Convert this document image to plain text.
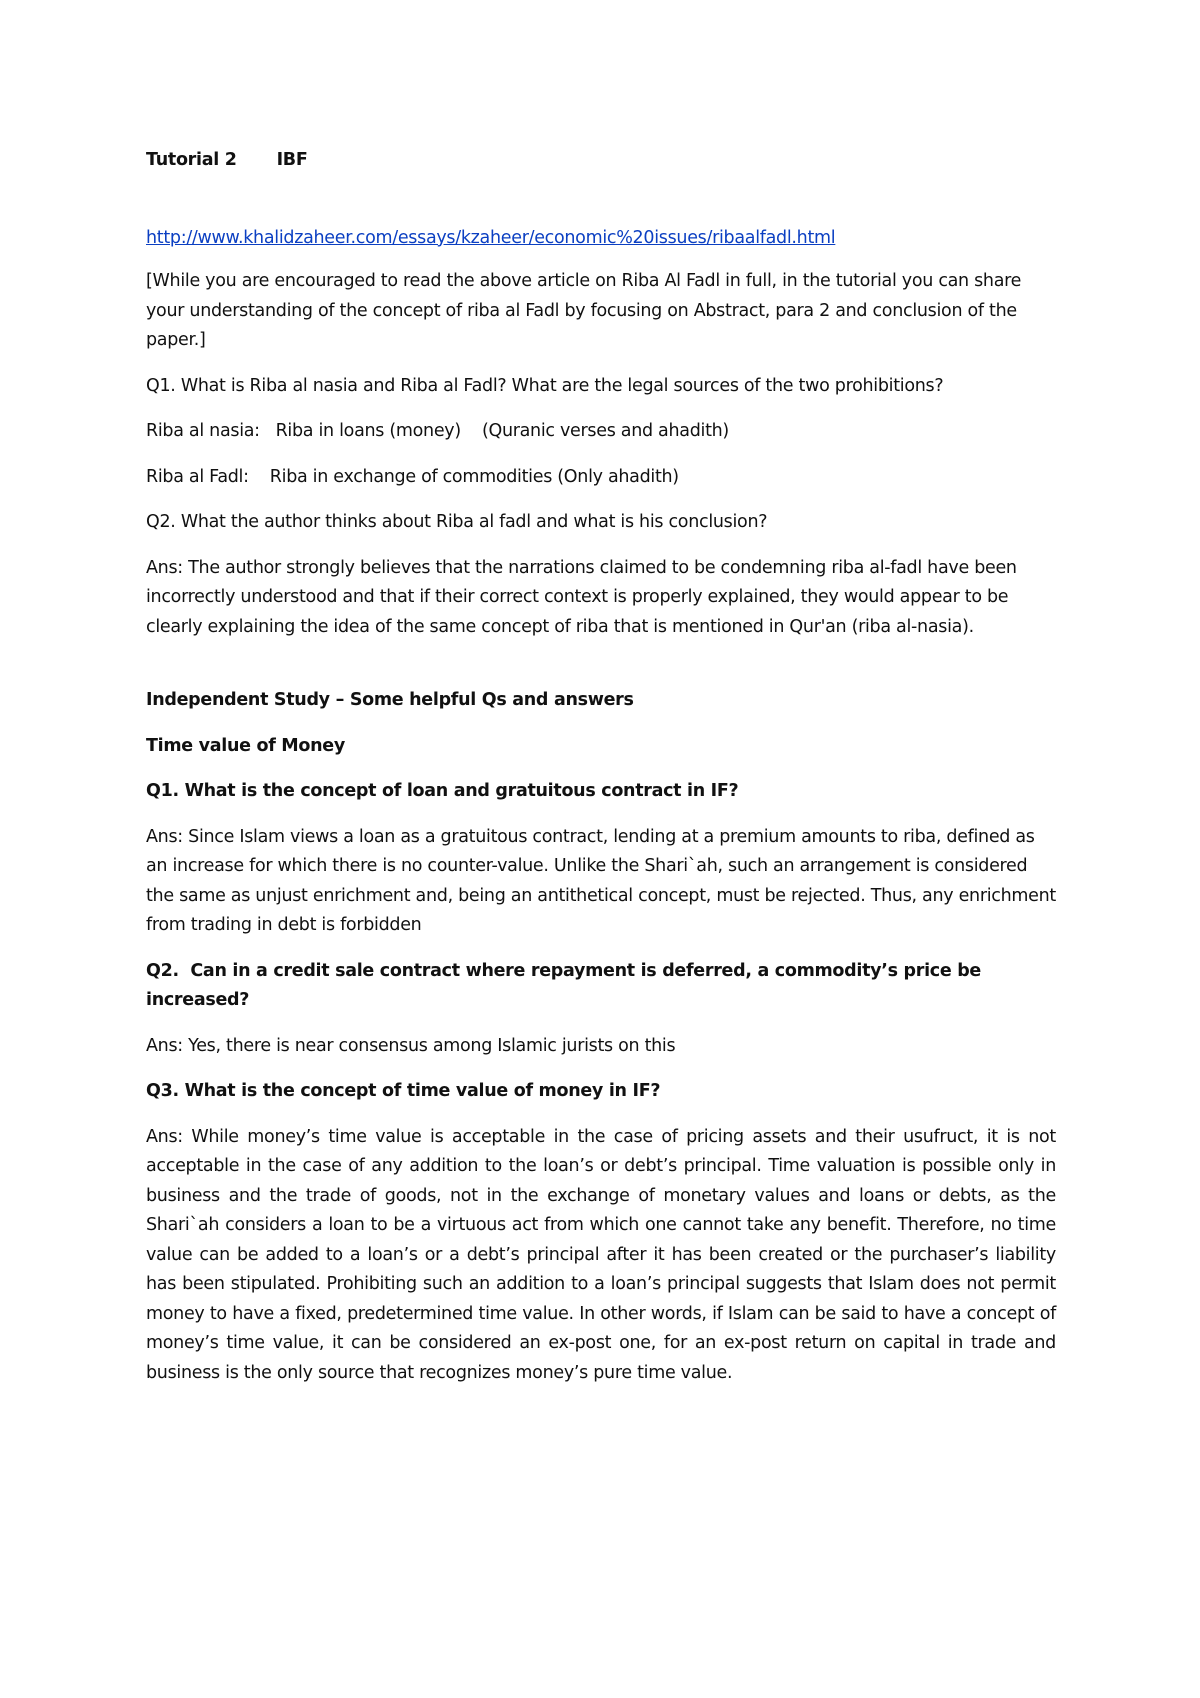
Tutorial 2 IBF

http://www.khalidzaheer.com/essays/kzaheer/economic%20issues/ribaalfadl.html

[While you are encouraged to read the above article on Riba Al Fadl in full, in the tutorial you can share your understanding of the concept of riba al Fadl by focusing on Abstract, para 2 and conclusion of the paper.]

Q1. What is Riba al nasia and Riba al Fadl? What are the legal sources of the two prohibitions?

Riba al nasia:   Riba in loans (money)    (Quranic verses and ahadith)

Riba al Fadl:    Riba in exchange of commodities (Only ahadith)

Q2. What the author thinks about Riba al fadl and what is his conclusion?

Ans: The author strongly believes that the narrations claimed to be condemning riba al-fadl have been incorrectly understood and that if their correct context is properly explained, they would appear to be clearly explaining the idea of the same concept of riba that is mentioned in Qur'an (riba al-nasia).

Independent Study – Some helpful Qs and answers

Time value of Money

Q1. What is the concept of loan and gratuitous contract in IF?

Ans: Since Islam views a loan as a gratuitous contract, lending at a premium amounts to riba, defined as an increase for which there is no counter-value. Unlike the Shari`ah, such an arrangement is considered the same as unjust enrichment and, being an antithetical concept, must be rejected. Thus, any enrichment from trading in debt is forbidden

Q2.  Can in a credit sale contract where repayment is deferred, a commodity’s price be increased?

Ans: Yes, there is near consensus among Islamic jurists on this

Q3. What is the concept of time value of money in IF?

Ans: While money’s time value is acceptable in the case of pricing assets and their usufruct, it is not acceptable in the case of any addition to the loan’s or debt’s principal. Time valuation is possible only in business and the trade of goods, not in the exchange of monetary values and loans or debts, as the Shari`ah considers a loan to be a virtuous act from which one cannot take any benefit. Therefore, no time value can be added to a loan’s or a debt’s principal after it has been created or the purchaser’s liability has been stipulated. Prohibiting such an addition to a loan’s principal suggests that Islam does not permit money to have a fixed, predetermined time value. In other words, if Islam can be said to have a concept of money’s time value, it can be considered an ex-post one, for an ex-post return on capital in trade and business is the only source that recognizes money’s pure time value.
